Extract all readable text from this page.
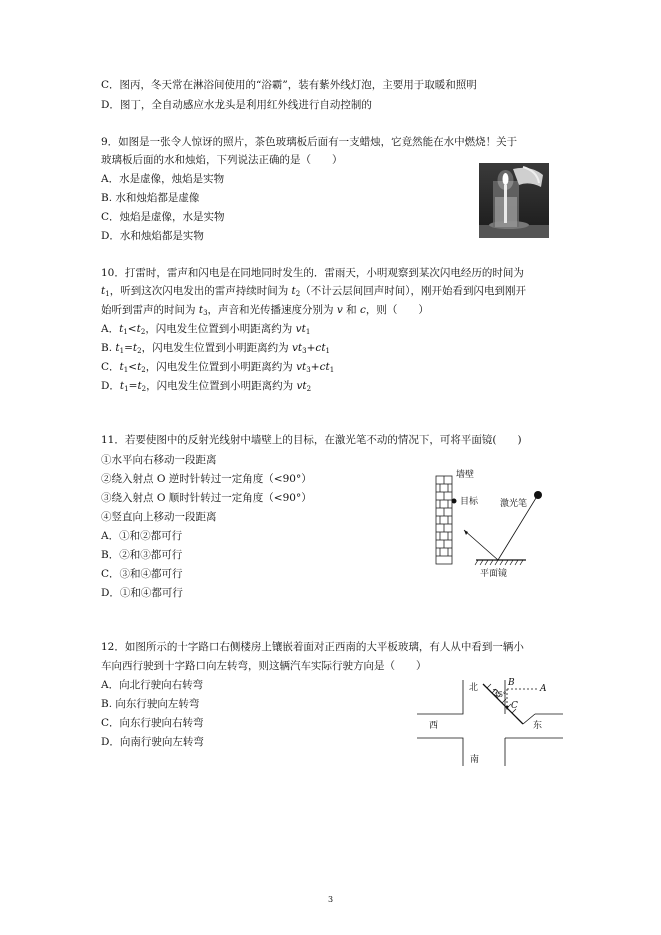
C．图丙，冬天常在淋浴间使用的“浴霸”，装有紫外线灯泡，主要用于取暖和照明
D．图丁，全自动感应水龙头是利用红外线进行自动控制的
9．如图是一张令人惊讶的照片，茶色玻璃板后面有一支蜡烛，它竟然能在水中燃烧！关于
玻璃板后面的水和烛焰，下列说法正确的是（　　）
A．水是虚像，烛焰是实物
B. 水和烛焰都是虚像
C．烛焰是虚像，水是实物
D．水和烛焰都是实物
10．打雷时，雷声和闪电是在同地同时发生的．雷雨天，小明观察到某次闪电经历的时间为
$t_1$，听到这次闪电发出的雷声持续时间为 $t_2$（不计云层间回声时间），刚开始看到闪电到刚开
始听到雷声的时间为 $t_3$，声音和光传播速度分别为 v 和 c，则（　　）
A．$t_1<t_2$，闪电发生位置到小明距离约为 $vt_1$
B. $t_1=t_2$，闪电发生位置到小明距离约为 $vt_3+ct_1$
C．$t_1<t_2$，闪电发生位置到小明距离约为 $vt_3+ct_1$
D．$t_1=t_2$，闪电发生位置到小明距离约为 $vt_2$
11．若要使图中的反射光线射中墙壁上的目标，在激光笔不动的情况下，可将平面镜(　　)
①水平向右移动一段距离
②绕入射点 O 逆时针转过一定角度（<90°）
③绕入射点 O 顺时针转过一定角度（<90°）
④竖直向上移动一段距离
A．①和②都可行
B．②和③都可行
C．③和④都可行
D．①和④都可行
墙壁
目标 激光笔
平面镜
12．如图所示的十字路口右侧楼房上镶嵌着面对正西南的大平板玻璃，有人从中看到一辆小
车向西行驶到十字路口向左转弯，则这辆汽车实际行驶方向是（　　）
A．向北行驶向右转弯
B. 向东行驶向左转弯
C．向东行驶向右转弯
D．向南行驶向左转弯
北
45°
B
A
C
西	东
南
3
